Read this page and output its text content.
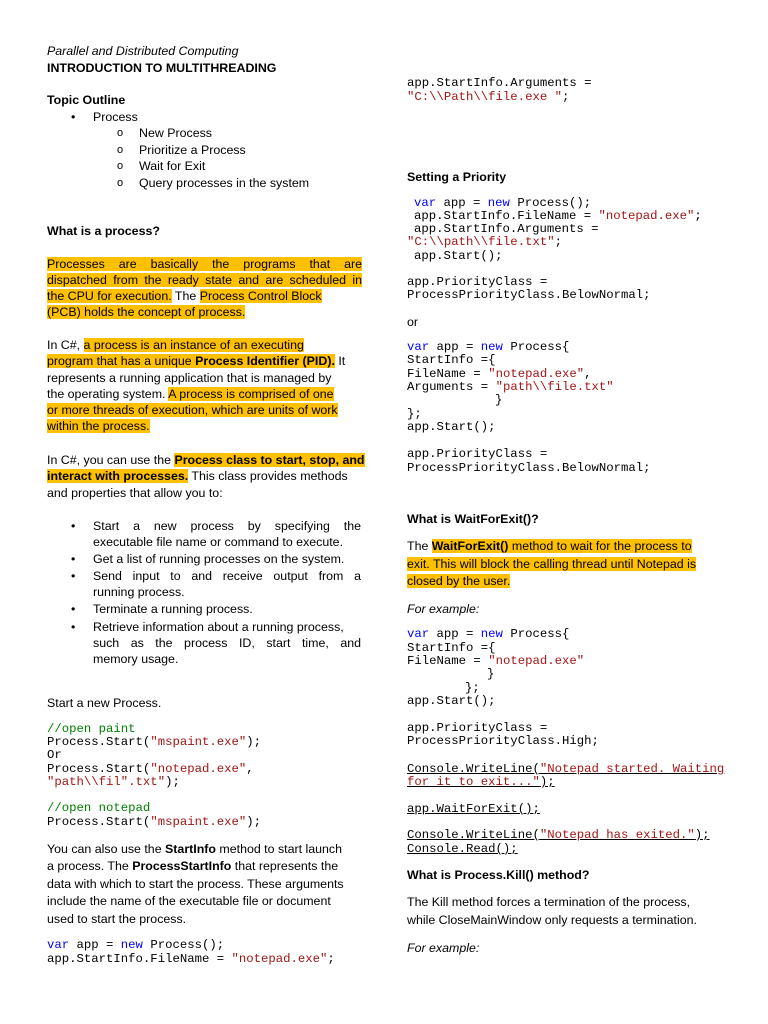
Parallel and Distributed Computing
INTRODUCTION TO MULTITHREADING
Topic Outline
• Process
o New Process
o Prioritize a Process
o Wait for Exit
o Query processes in the system
What is a process?
Processes are basically the programs that are
dispatched from the ready state and are scheduled in
the CPU for execution. The Process Control Block
(PCB) holds the concept of process.
In C#, a process is an instance of an executing
program that has a unique Process Identifier (PID). It
represents a running application that is managed by
the operating system. A process is comprised of one
or more threads of execution, which are units of work
within the process.
In C#, you can use the Process class to start, stop, and
interact with processes. This class provides methods
and properties that allow you to:
• Start a new process by specifying the
executable file name or command to execute.
• Get a list of running processes on the system.
• Send input to and receive output from a
running process.
• Terminate a running process.
• Retrieve information about a running process,
such as the process ID, start time, and
memory usage.
Start a new Process.
//open paint
Process.Start("mspaint.exe");
Or
Process.Start("notepad.exe",
"path\\fil".txt");
//open notepad
Process.Start("mspaint.exe");
You can also use the StartInfo method to start launch
a process. The ProcessStartInfo that represents the
data with which to start the process. These arguments
include the name of the executable file or document
used to start the process.
var app = new Process();
app.StartInfo.FileName = "notepad.exe";
app.StartInfo.Arguments =
"C:\\Path\\file.exe ";
Setting a Priority
var app = new Process();
app.StartInfo.FileName = "notepad.exe";
app.StartInfo.Arguments =
"C:\\path\\file.txt";
app.Start();
app.PriorityClass =
ProcessPriorityClass.BelowNormal;
or
var app = new Process{
StartInfo ={
FileName = "notepad.exe",
Arguments = "path\\file.txt"
}
};
app.Start();
app.PriorityClass =
ProcessPriorityClass.BelowNormal;
What is WaitForExit()?
The WaitForExit() method to wait for the process to
exit. This will block the calling thread until Notepad is
closed by the user.
For example:
var app = new Process{
StartInfo ={
FileName = "notepad.exe"
}
};
app.Start();
app.PriorityClass =
ProcessPriorityClass.High;
Console.WriteLine("Notepad started. Waiting
for it to exit...");
app.WaitForExit();
Console.WriteLine("Notepad has exited.");
Console.Read();
What is Process.Kill() method?
The Kill method forces a termination of the process,
while CloseMainWindow only requests a termination.
For example:
